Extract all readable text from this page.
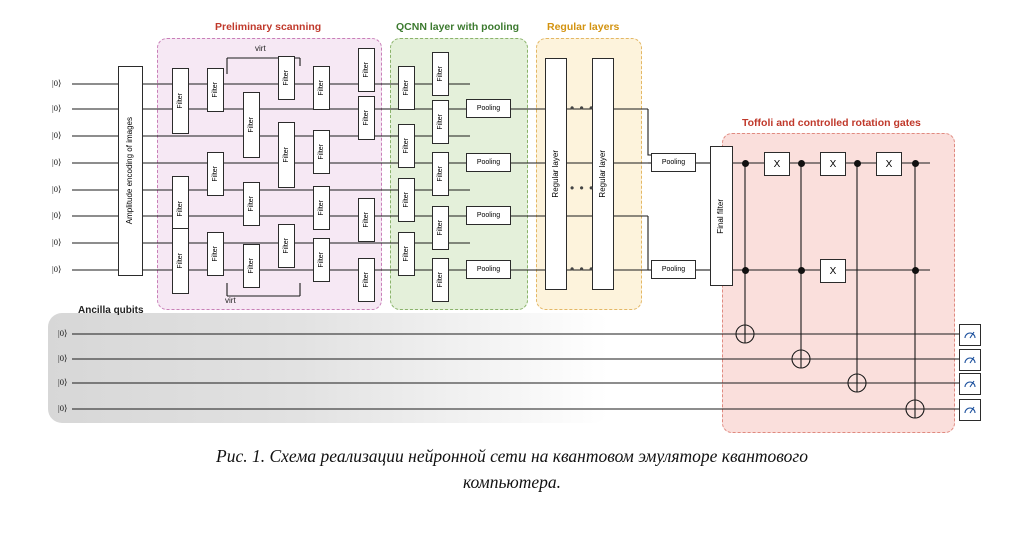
Preliminary scanning	QCNN layer with pooling	Regular layers
Toffoli and controlled rotation gates
Ancilla qubits
|0⟩
|0⟩
|0⟩
|0⟩
|0⟩
|0⟩
|0⟩
|0⟩
|0⟩
|0⟩
|0⟩
|0⟩
Amplitude encoding of images
virt
virt
Filter
Filter
Filter
Filter
Filter
Filter
Filter
Filter
Filter
Filter
Filter
Filter
Filter
Filter
Filter
Filter
Filter
Filter
Filter
Filter
Filter
Filter
Filter
Filter
Filter
Filter
Filter
Filter
Filter
Pooling
Pooling
Pooling
Pooling
Regular layer	Regular layer
• • •
• • •
• • •
Pooling
Pooling
Final filter
X	X	X
X
Рис. 1. Схема реализации нейронной сети на квантовом эмуляторе квантового
компьютера.
